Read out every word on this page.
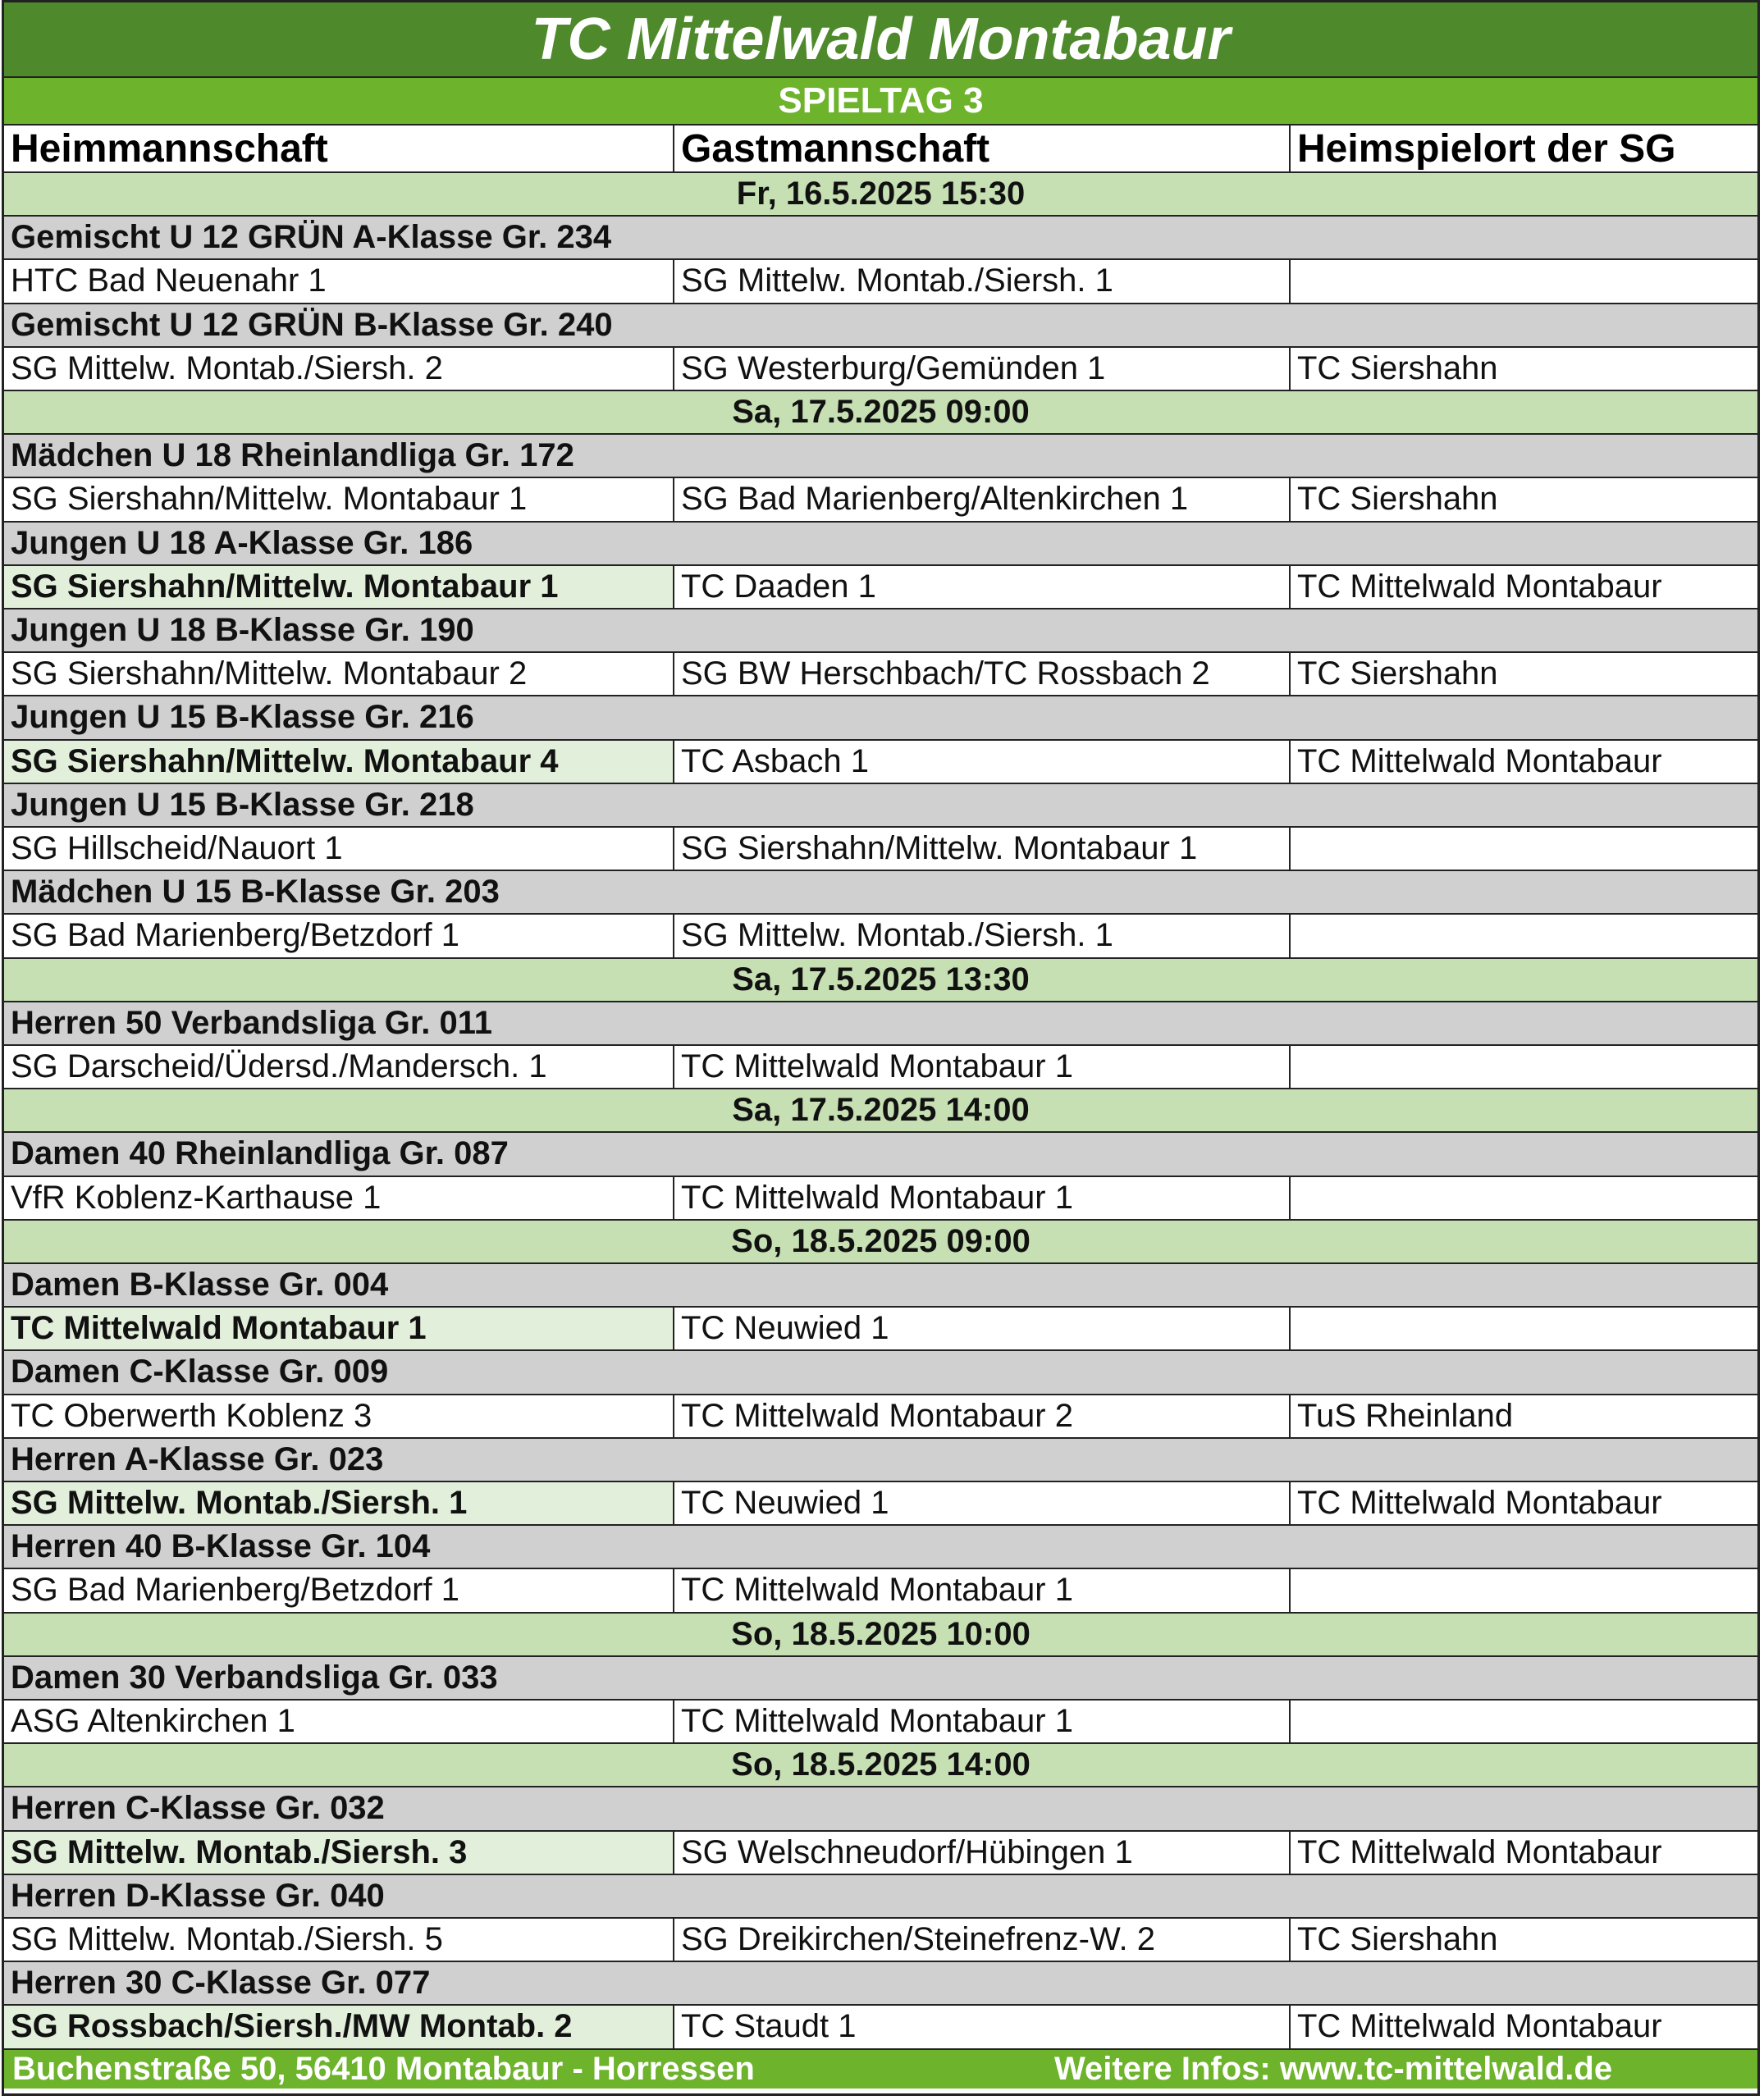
TC Mittelwald Montabaur
SPIELTAG 3
Heimmannschaft	Gastmannschaft	Heimspielort der SG
Fr, 16.5.2025 15:30
Gemischt U 12 GRÜN A-Klasse Gr. 234
HTC Bad Neuenahr 1	SG Mittelw. Montab./Siersh. 1
Gemischt U 12 GRÜN B-Klasse Gr. 240
SG Mittelw. Montab./Siersh. 2	SG Westerburg/Gemünden 1	TC Siershahn
Sa, 17.5.2025 09:00
Mädchen U 18 Rheinlandliga Gr. 172
SG Siershahn/Mittelw. Montabaur 1	SG Bad Marienberg/Altenkirchen 1	TC Siershahn
Jungen U 18 A-Klasse Gr. 186
SG Siershahn/Mittelw. Montabaur 1	TC Daaden 1	TC Mittelwald Montabaur
Jungen U 18 B-Klasse Gr. 190
SG Siershahn/Mittelw. Montabaur 2	SG BW Herschbach/TC Rossbach 2	TC Siershahn
Jungen U 15 B-Klasse Gr. 216
SG Siershahn/Mittelw. Montabaur 4	TC Asbach 1	TC Mittelwald Montabaur
Jungen U 15 B-Klasse Gr. 218
SG Hillscheid/Nauort 1	SG Siershahn/Mittelw. Montabaur 1
Mädchen U 15 B-Klasse Gr. 203
SG Bad Marienberg/Betzdorf 1	SG Mittelw. Montab./Siersh. 1
Sa, 17.5.2025 13:30
Herren 50 Verbandsliga Gr. 011
SG Darscheid/Üdersd./Mandersch. 1	TC Mittelwald Montabaur 1
Sa, 17.5.2025 14:00
Damen 40 Rheinlandliga Gr. 087
VfR Koblenz-Karthause 1	TC Mittelwald Montabaur 1
So, 18.5.2025 09:00
Damen B-Klasse Gr. 004
TC Mittelwald Montabaur 1	TC Neuwied 1
Damen C-Klasse Gr. 009
TC Oberwerth Koblenz 3	TC Mittelwald Montabaur 2	TuS Rheinland
Herren A-Klasse Gr. 023
SG Mittelw. Montab./Siersh. 1	TC Neuwied 1	TC Mittelwald Montabaur
Herren 40 B-Klasse Gr. 104
SG Bad Marienberg/Betzdorf 1	TC Mittelwald Montabaur 1
So, 18.5.2025 10:00
Damen 30 Verbandsliga Gr. 033
ASG Altenkirchen 1	TC Mittelwald Montabaur 1
So, 18.5.2025 14:00
Herren C-Klasse Gr. 032
SG Mittelw. Montab./Siersh. 3	SG Welschneudorf/Hübingen 1	TC Mittelwald Montabaur
Herren D-Klasse Gr. 040
SG Mittelw. Montab./Siersh. 5	SG Dreikirchen/Steinefrenz-W. 2	TC Siershahn
Herren 30 C-Klasse Gr. 077
SG Rossbach/Siersh./MW Montab. 2	TC Staudt 1	TC Mittelwald Montabaur
Buchenstraße 50, 56410 Montabaur - Horressen	Weitere Infos: www.tc-mittelwald.de
